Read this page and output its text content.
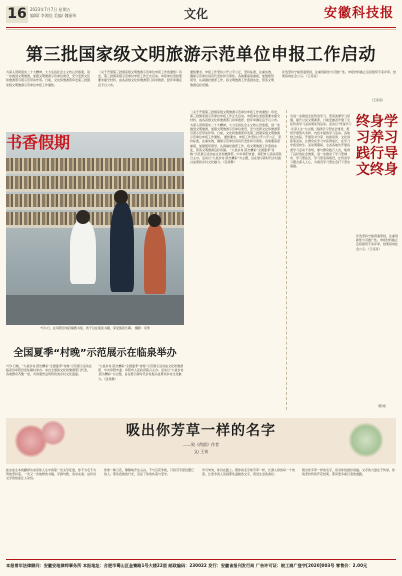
16 2023年7月7日 星期五
编辑/ 李湘佳 美编/ 魏丽伟	文化	安徽科技报
第三批国家级文明旅游示范单位申报工作启动
为深入贯彻落实二十大精神，大力弘扬社会主义核心价值观，进一步推进文明旅游，加强文明旅游示范单位建设，充分发挥文化和旅游部引领示范带动作用。日前，文化和旅游部印发第三批国家级文明旅游示范单位申报工作通知。
《关于开展第三批国家级文明旅游示范单位申报工作的通知》印发，第三批国家级示范单位申报工作正式启动。申报单位需按照要求提交材料，由各省级文化和旅游部门初审推荐，经评审确定后予以公布。
通知要求，申报工作坚持公开公平公正，坚持标准，注重实效，确保示范单位具有代表性和引领性。各地要高度重视，加强组织领导，认真做好推荐工作，将文明旅游工作落到实处，营造文明旅游良好氛围。
评选坚持宁缺毋滥原则，注重创新性与可推广性。申报材料截止后将组织专家评审，结果将向社会公示。（王亮亮）
（王亮亮）
书香假期
7月1日，在凤阳县刘府镇图书馆，孩子们在阅读书籍，享受阅读乐趣。 摄影：宋琦
全国夏季“村晚”示范展示在临泉举办
7月1日晚，“大美乡村·跃出精彩”全国夏季“村晚”示范展示活动在临泉县阜阳县迎仙镇村举办。来自全国的文化和旅游部门代表，各地群众齐聚一堂，共同观赏这场特色的乡村文化盛宴。
“大美乡村·跃出精彩”全国夏季“村晚”示范展示活动由文化和旅游部、中共阜阳市委、阜阳市人民政府联合主办。活动以“大美乡村·跃出精彩”为主题，旨在展示新时代乡村振兴成果和乡村文化魅力。（张传静）
《关于开展第三批国家级文明旅游示范单位申报工作的通知》印发，第三批国家级示范单位申报工作正式启动。申报单位需按照要求提交材料，由各省级文化和旅游部门初审推荐，经评审确定后予以公布。 为深入贯彻落实二十大精神，大力弘扬社会主义核心价值观，进一步推进文明旅游，加强文明旅游示范单位建设，充分发挥文化和旅游部引领示范带动作用。日前，文化和旅游部印发第三批国家级文明旅游示范单位申报工作通知。 通知要求，申报工作坚持公开公平公正，坚持标准，注重实效，确保示范单位具有代表性和引领性。各地要高度重视，加强组织领导，认真做好推荐工作，将文明旅游工作落到实处，营造文明旅游良好氛围。 “大美乡村·跃出精彩”全国夏季“村晚”示范展示活动由文化和旅游部、中共阜阳市委、阜阳市人民政府联合主办。活动以“大美乡村·跃出精彩”为主题，旨在展示新时代乡村振兴成果和乡村文化魅力。（张传静）
为进一步推进全民终身学习，营造浓厚学习氛围，提升公民文明素养，日前安徽省开展了全民终身学习活动周系列活动。活动以“终身学习·乐享人生”为主题，围绕学习型社会建设，组织开展形式多样、内容丰富的学习活动。各地结合实际，开展读书分享、技能培训、文化讲座等活动，让群众在学习中获得成长，在学习中感受快乐。活动周期间，全省各地共开展各类学习活动千余场，参与群众数万人次，取得了良好的社会效果，进一步推动了学习型城市、学习型社区、学习型家庭建设，让终身学习理念深入人心，为建设学习型社会打下坚实基础。
终身学习养习践行导文终身
评选坚持宁缺毋滥原则，注重创新性与可推广性。申报材料截止后将组织专家评审，结果将向社会公示。（王亮亮）
（陈刘）
吸出你芳草一样的名字
——致《荷韵》作者
文/ 王寅
能完成全本的翻译出来是你人生中的第一次文学征途，你不为名不为利地坚持着，一次又一次地修改书稿，字斟句酌，务求完美。这份对文学的热爱让人动容。
你像一株兰花，静静地开在山谷，不与百花争艳，只将芬芳留给懂它的人。那些夜晚的灯光，见证了你的执着与坚守。
岁月匆匆，你仍在路上。愿你的名字如芳草一样，长满人间的每一个角落，让更多的人读到那些温暖的文字，感受生活的美好。
吸出你芳草一样的名字，是对你的最好祝福。文字的力量在于传承，你的坚持终将开花结果，照亮更多前行者的道路。
本报常年法律顾问：安徽安地律师事务所 本报地址：合肥市蜀山区金寨路1号大楼22层 邮政编码：230022 发行：安徽省报刊发行局 广告许可证：皖工商广登字[2020]003号 零售价：2.00元
